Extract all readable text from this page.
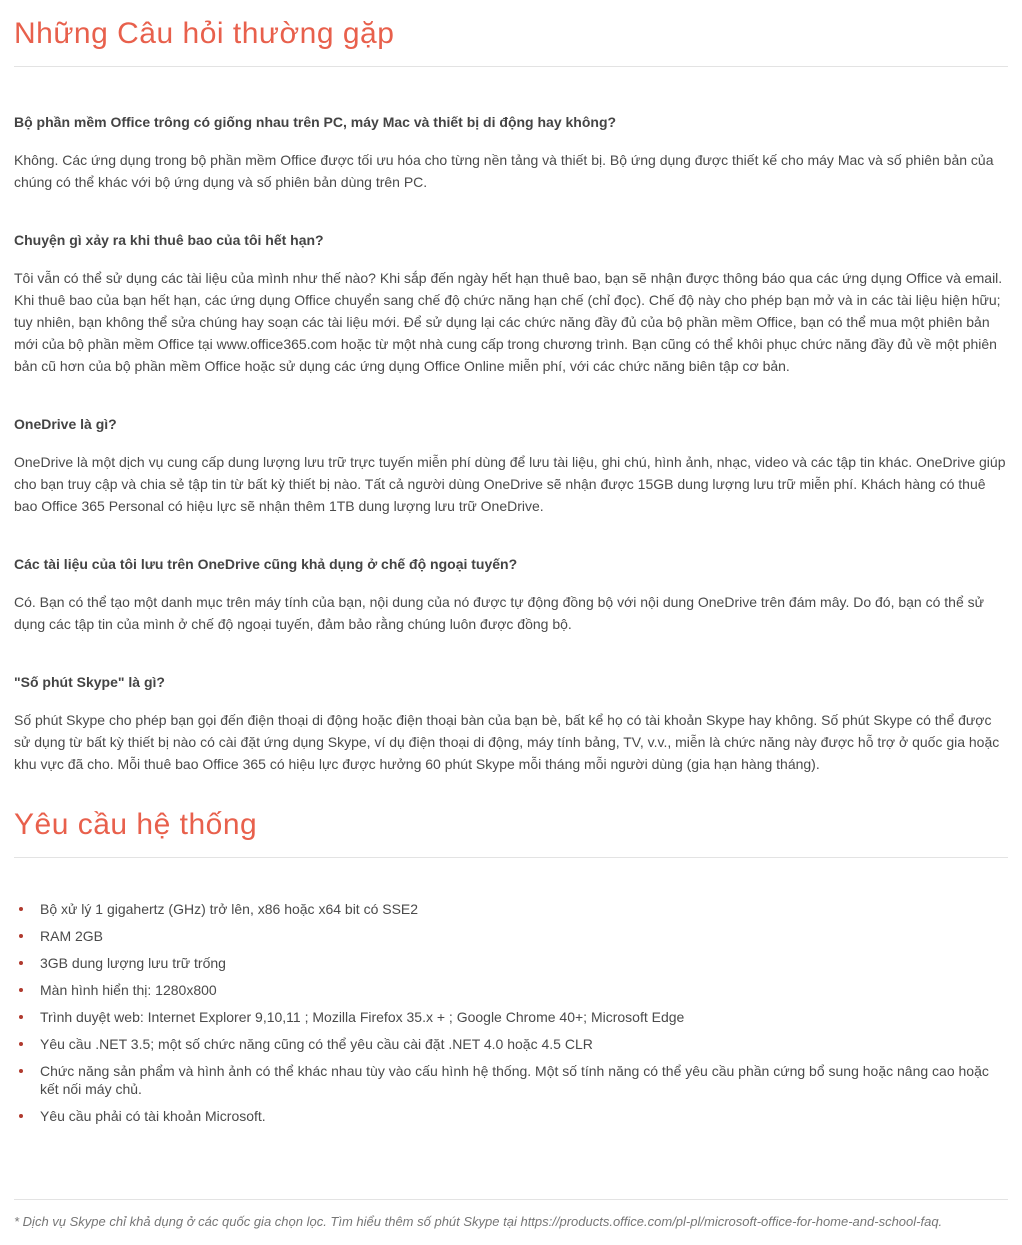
Những Câu hỏi thường gặp
Bộ phần mềm Office trông có giống nhau trên PC, máy Mac và thiết bị di động hay không?

Không. Các ứng dụng trong bộ phần mềm Office được tối ưu hóa cho từng nền tảng và thiết bị. Bộ ứng dụng được thiết kế cho máy Mac và số phiên bản của chúng có thể khác với bộ ứng dụng và số phiên bản dùng trên PC.

Chuyện gì xảy ra khi thuê bao của tôi hết hạn?

Tôi vẫn có thể sử dụng các tài liệu của mình như thế nào? Khi sắp đến ngày hết hạn thuê bao, bạn sẽ nhận được thông báo qua các ứng dụng Office và email. Khi thuê bao của bạn hết hạn, các ứng dụng Office chuyển sang chế độ chức năng hạn chế (chỉ đọc). Chế độ này cho phép bạn mở và in các tài liệu hiện hữu; tuy nhiên, bạn không thể sửa chúng hay soạn các tài liệu mới. Để sử dụng lại các chức năng đầy đủ của bộ phần mềm Office, bạn có thể mua một phiên bản mới của bộ phần mềm Office tại www.office365.com hoặc từ một nhà cung cấp trong chương trình. Bạn cũng có thể khôi phục chức năng đầy đủ về một phiên bản cũ hơn của bộ phần mềm Office hoặc sử dụng các ứng dụng Office Online miễn phí, với các chức năng biên tập cơ bản.

OneDrive là gì?

OneDrive là một dịch vụ cung cấp dung lượng lưu trữ trực tuyến miễn phí dùng để lưu tài liệu, ghi chú, hình ảnh, nhạc, video và các tập tin khác. OneDrive giúp cho bạn truy cập và chia sẻ tập tin từ bất kỳ thiết bị nào. Tất cả người dùng OneDrive sẽ nhận được 15GB dung lượng lưu trữ miễn phí. Khách hàng có thuê bao Office 365 Personal có hiệu lực sẽ nhận thêm 1TB dung lượng lưu trữ OneDrive.

Các tài liệu của tôi lưu trên OneDrive cũng khả dụng ở chế độ ngoại tuyến?

Có. Bạn có thể tạo một danh mục trên máy tính của bạn, nội dung của nó được tự động đồng bộ với nội dung OneDrive trên đám mây. Do đó, bạn có thể sử dụng các tập tin của mình ở chế độ ngoại tuyến, đảm bảo rằng chúng luôn được đồng bộ.

"Số phút Skype" là gì?

Số phút Skype cho phép bạn gọi đến điện thoại di động hoặc điện thoại bàn của bạn bè, bất kể họ có tài khoản Skype hay không. Số phút Skype có thể được sử dụng từ bất kỳ thiết bị nào có cài đặt ứng dụng Skype, ví dụ điện thoại di động, máy tính bảng, TV, v.v., miễn là chức năng này được hỗ trợ ở quốc gia hoặc khu vực đã cho. Mỗi thuê bao Office 365 có hiệu lực được hưởng 60 phút Skype mỗi tháng mỗi người dùng (gia hạn hàng tháng).

Yêu cầu hệ thống
Bộ xử lý 1 gigahertz (GHz) trở lên, x86 hoặc x64 bit có SSE2
RAM 2GB
3GB dung lượng lưu trữ trống
Màn hình hiển thị: 1280x800
Trình duyệt web: Internet Explorer 9,10,11 ; Mozilla Firefox 35.x + ; Google Chrome 40+; Microsoft Edge
Yêu cầu .NET 3.5; một số chức năng cũng có thể yêu cầu cài đặt .NET 4.0 hoặc 4.5 CLR
Chức năng sản phẩm và hình ảnh có thể khác nhau tùy vào cấu hình hệ thống. Một số tính năng có thể yêu cầu phần cứng bổ sung hoặc nâng cao hoặc kết nối máy chủ.
Yêu cầu phải có tài khoản Microsoft.

* Dịch vụ Skype chỉ khả dụng ở các quốc gia chọn lọc. Tìm hiểu thêm số phút Skype tại https://products.office.com/pl-pl/microsoft-office-for-home-and-school-faq.
